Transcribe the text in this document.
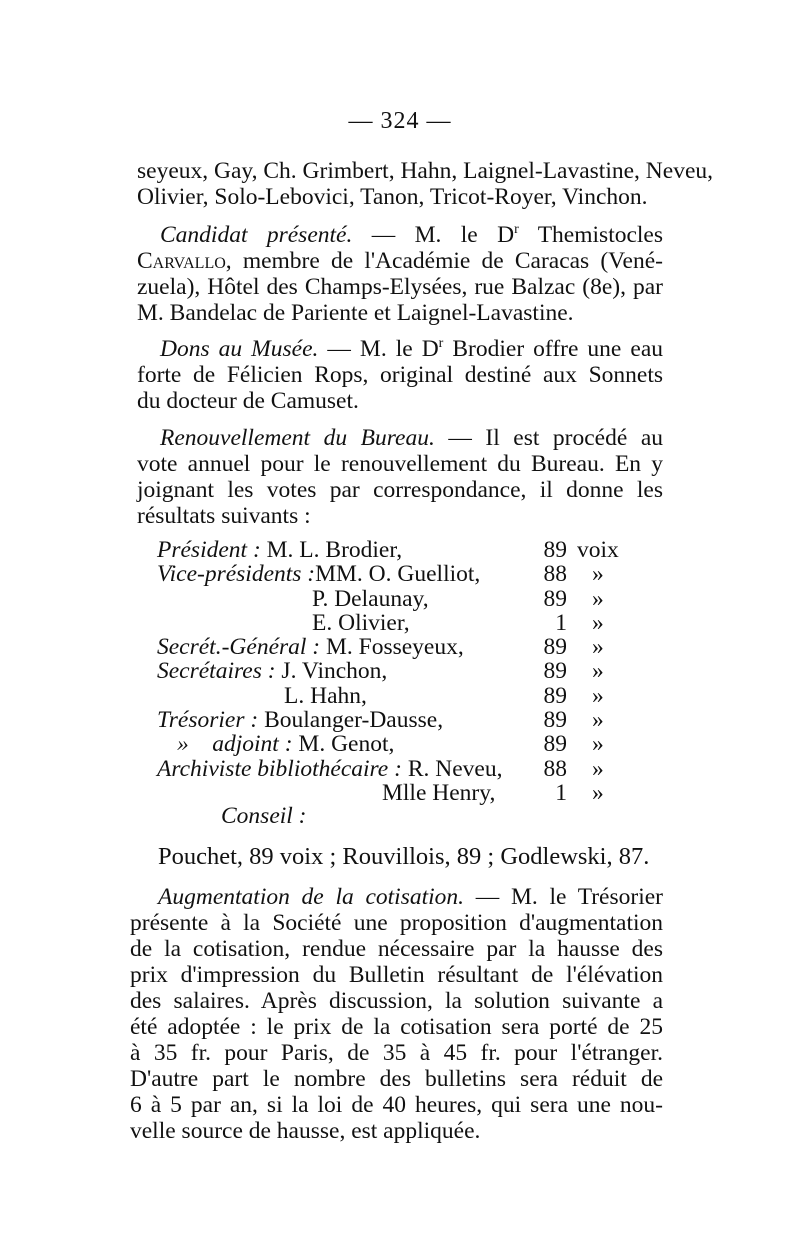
— 324 —
seyeux, Gay, Ch. Grimbert, Hahn, Laignel-Lavastine, Neveu,
Olivier, Solo-Lebovici, Tanon, Tricot-Royer, Vinchon.
Candidat présenté. — M. le $D^r$ Themistocles
Carvallo, membre de l'Académie de Caracas (Vené-
zuela), Hôtel des Champs-Elysées, rue Balzac (8e), par
M. Bandelac de Pariente et Laignel-Lavastine.
Dons au Musée. — M. le $D^r$ Brodier offre une eau
forte de Félicien Rops, original destiné aux Sonnets
du docteur de Camuset.
Renouvellement du Bureau. — Il est procédé au
vote annuel pour le renouvellement du Bureau. En y
joignant les votes par correspondance, il donne les
résultats suivants :
Président : M. L. Brodier,	89 voix
Vice-présidents :MM. O. Guelliot,	88 »
P. Delaunay,	89 »
E. Olivier,	1 »
Secrét.-Général : M. Fosseyeux,	89 »
Secrétaires : J. Vinchon,	89 »
L. Hahn,	89 »
Trésorier : Boulanger-Dausse,	89 »
»    adjoint : M. Genot,	89 »
Archiviste bibliothécaire : R. Neveu,	88 »
Mlle Henry,	1 »
Conseil :
Pouchet, 89 voix ; Rouvillois, 89 ; Godlewski, 87.
Augmentation de la cotisation. — M. le Trésorier
présente à la Société une proposition d'augmentation
de la cotisation, rendue nécessaire par la hausse des
prix d'impression du Bulletin résultant de l'élévation
des salaires. Après discussion, la solution suivante a
été adoptée : le prix de la cotisation sera porté de 25
à 35 fr. pour Paris, de 35 à 45 fr. pour l'étranger.
D'autre part le nombre des bulletins sera réduit de
6 à 5 par an, si la loi de 40 heures, qui sera une nou-
velle source de hausse, est appliquée.
